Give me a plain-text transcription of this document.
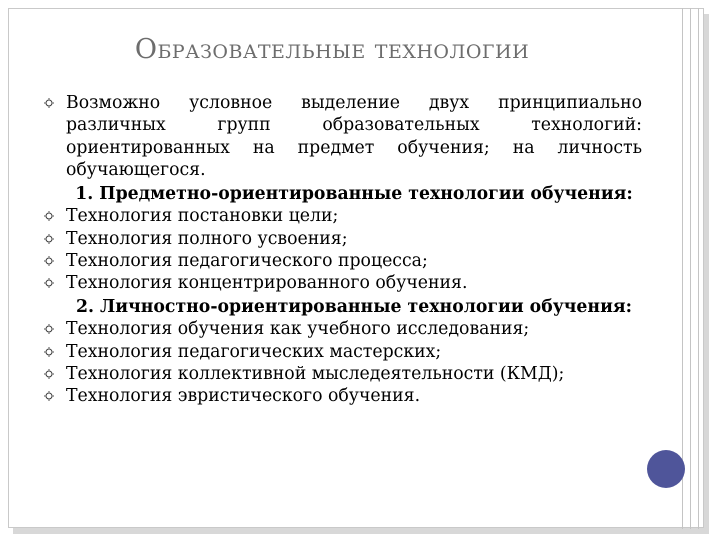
Образовательные технологии
Возможно условное выделение двух принципиально различных групп образовательных технологий: ориентированных на предмет обучения; на личность обучающегося.
1. Предметно-ориентированные технологии обучения:
Технология постановки цели;
Технология полного усвоения;
Технология педагогического процесса;
Технология концентрированного обучения.
2. Личностно-ориентированные технологии обучения:
Технология обучения как учебного исследования;
Технология педагогических мастерских;
Технология коллективной мыследеятельности (КМД);
Технология эвристического обучения.
